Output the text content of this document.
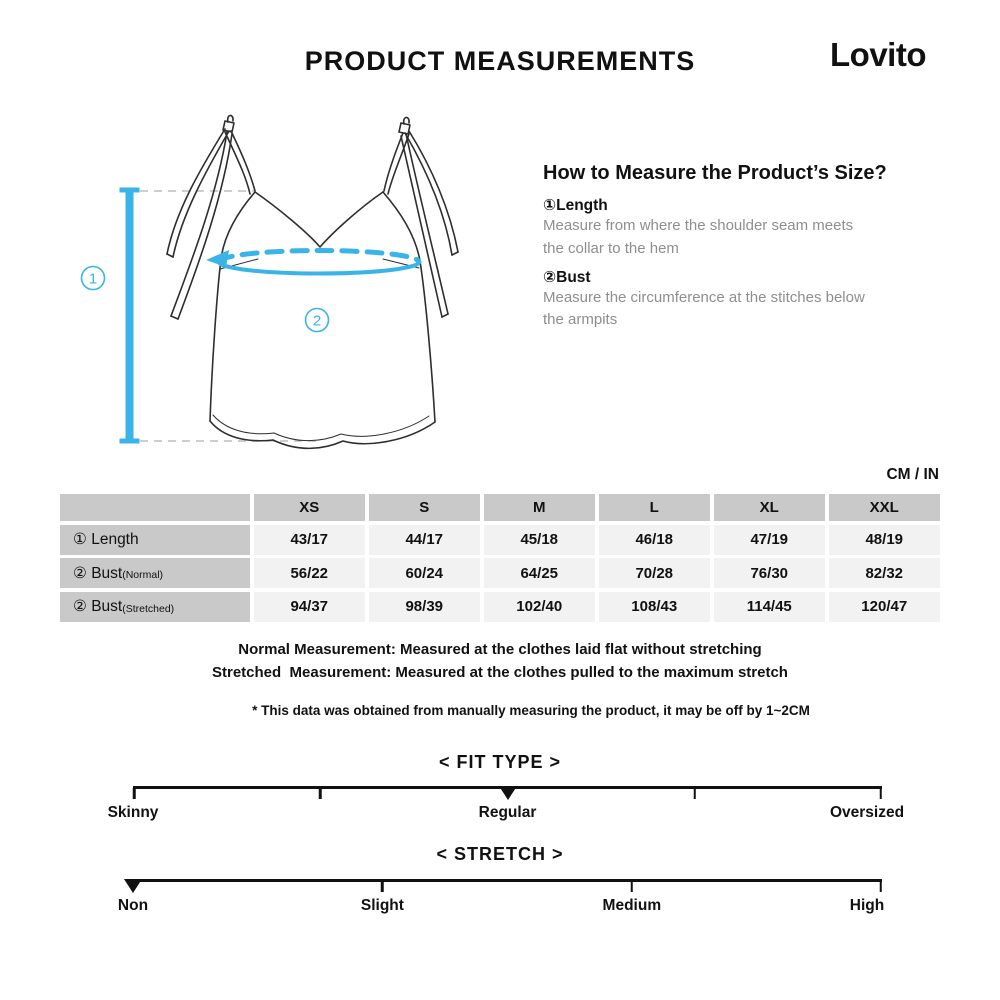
PRODUCT MEASUREMENTS	Lovito
1
2
How to Measure the Product’s Size?
①Length
Measure from where the shoulder seam meets
the collar to the hem
②Bust
Measure the circumference at the stitches below
the armpits
CM / IN
XS	S	M	L	XL	XXL
① Length	43/17	44/17	45/18	46/18	47/19	48/19
② Bust (Normal)	56/22	60/24	64/25	70/28	76/30	82/32
② Bust (Stretched)	94/37	98/39	102/40	108/43	114/45	120/47
Normal Measurement: Measured at the clothes laid flat without stretching
Stretched  Measurement: Measured at the clothes pulled to the maximum stretch
* This data was obtained from manually measuring the product, it may be off by 1~2CM
< FIT TYPE >
Skinny	Regular	Oversized
< STRETCH >
Non	Slight	Medium	High
